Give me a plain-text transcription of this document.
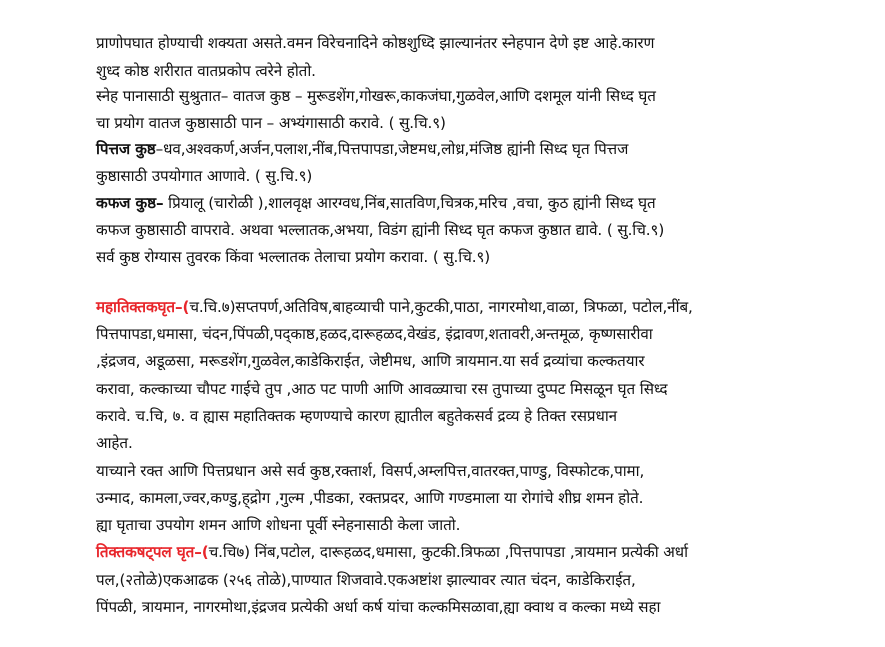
प्राणोपघात होण्याची शक्यता असते.वमन विरेचनादिने कोष्ठशुध्दि झाल्यानंतर स्नेहपान देणे इष्ट आहे.कारण
शुध्द कोष्ठ शरीरात वातप्रकोप त्वरेने होतो.
स्नेह पानासाठी सुश्रुतात– वातज कुष्ठ – मुरूडशेंग,गोखरू,काकजंघा,गुळवेल,आणि दशमूल यांनी सिध्द घृत
चा प्रयोग वातज कुष्ठासाठी पान – अभ्यंगासाठी करावे. ( सु.चि.९)
पित्तज कुष्ठ–धव,अश्वकर्ण,अर्जन,पलाश,नींब,पित्तपापडा,जेष्टमध,लोध्र,मंजिष्ठ ह्यांनी सिध्द घृत पित्तज
कुष्ठासाठी उपयोगात आणावे. ( सु.चि.९)
कफज कुष्ठ– प्रियालू (चारोळी ),शालवृक्ष आरग्वध,निंब,सातविण,चित्रक,मरिच ,वचा, कुठ ह्यांनी सिध्द घृत
कफज कुष्ठासाठी वापरावे. अथवा भल्लातक,अभया, विडंग ह्यांनी सिध्द घृत कफज कुष्ठात द्यावे. ( सु.चि.९)
सर्व कुष्ठ रोग्यास तुवरक किंवा भल्लातक तेलाचा प्रयोग करावा. ( सु.चि.९)
महातिक्तकघृत–(च.चि.७)सप्तपर्ण,अतिविष,बाहव्याची पाने,कुटकी,पाठा, नागरमोथा,वाळा, त्रिफळा, पटोल,नींब,
पित्तपापडा,धमासा, चंदन,पिंपळी,पद्‌काष्ठ,हळद,दारूहळद,वेखंड, इंद्रावण,शतावरी,अन्तमूळ, कृष्णसारीवा
,इंद्रजव, अडूळसा, मरूडशेंग,गुळवेल,काडेकिराईत, जेष्टीमध, आणि त्रायमान.या सर्व द्रव्यांचा कल्कतयार
करावा, कल्काच्या चौपट गाईचे तुप ,आठ पट पाणी आणि आवळ्याचा रस तुपाच्या दुप्पट मिसळून घृत सिध्द
करावे. च.चि, ७. व ह्यास महातिक्तक म्हणण्याचे कारण ह्यातील बहुतेकसर्व द्रव्य हे तिक्त रसप्रधान
आहेत.
याच्याने रक्त आणि पित्तप्रधान असे सर्व कुष्ठ,रक्तार्श, विसर्प,अम्लपित्त,वातरक्त,पाण्डु, विस्फोटक,पामा,
उन्माद, कामला,ज्वर,कण्डु,ह्‌द्रोग ,गुल्म ,पीडका, रक्तप्रदर, आणि गण्डमाला या रोगांचे शीघ्र शमन होते.
ह्या घृताचा उपयोग शमन आणि शोधना पूर्वी स्नेहनासाठी केला जातो.
तिक्तकषट्पल घृत–(च.चि७) निंब,पटोल, दारूहळद,धमासा, कुटकी.त्रिफळा ,पित्तपापडा ,त्रायमान प्रत्येकी अर्धा
पल,(२तोळे)एकआढक (२५६ तोळे),पाण्यात शिजवावे.एकअष्टांश झाल्यावर त्यात चंदन, काडेकिराईत,
पिंपळी, त्रायमान, नागरमोथा,इंद्रजव प्रत्येकी अर्धा कर्ष यांचा कल्कमिसळावा,ह्या क्वाथ व कल्का मध्ये सहा
